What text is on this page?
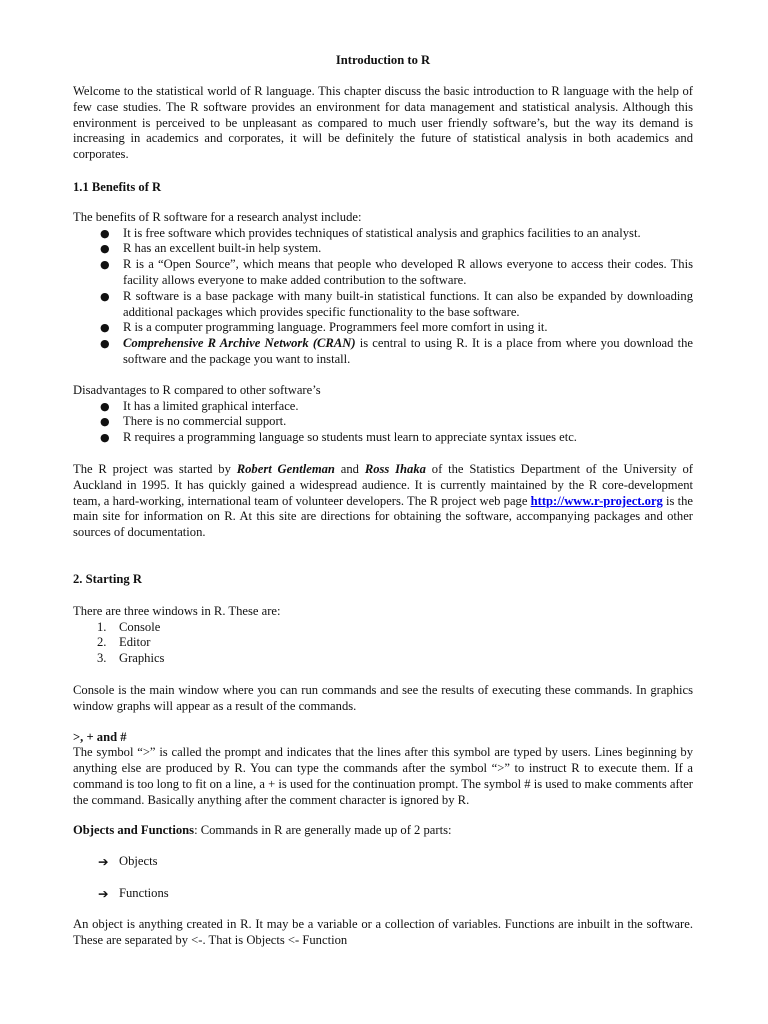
Introduction to R

Welcome to the statistical world of R language. This chapter discuss the basic introduction to R language with the help of few case studies. The R software provides an environment for data management and statistical analysis. Although this environment is perceived to be unpleasant as compared to much user friendly software’s, but the way its demand is increasing in academics and corporates, it will be definitely the future of statistical analysis in both academics and corporates.

1.1 Benefits of R

The benefits of R software for a research analyst include:

● It is free software which provides techniques of statistical analysis and graphics facilities to an analyst.
● R has an excellent built-in help system.
● R is a “Open Source”, which means that people who developed R allows everyone to access their codes. This facility allows everyone to make added contribution to the software.
● R software is a base package with many built-in statistical functions. It can also be expanded by downloading additional packages which provides specific functionality to the base software.
● R is a computer programming language. Programmers feel more comfort in using it.
● Comprehensive R Archive Network (CRAN) is central to using R. It is a place from where you download the software and the package you want to install.

Disadvantages to R compared to other software’s

● It has a limited graphical interface.
● There is no commercial support.
● R requires a programming language so students must learn to appreciate syntax issues etc.

The R project was started by Robert Gentleman and Ross Ihaka of the Statistics Department of the University of Auckland in 1995. It has quickly gained a widespread audience. It is currently maintained by the R core-development team, a hard-working, international team of volunteer developers. The R project web page http://www.r-project.org is the main site for information on R. At this site are directions for obtaining the software, accompanying packages and other sources of documentation.

2. Starting R

There are three windows in R. These are:

1. Console
2. Editor
3. Graphics

Console is the main window where you can run commands and see the results of executing these commands. In graphics window graphs will appear as a result of the commands.

>, + and #

The symbol “>” is called the prompt and indicates that the lines after this symbol are typed by users. Lines beginning by anything else are produced by R. You can type the commands after the symbol “>” to instruct R to execute them. If a command is too long to fit on a line, a + is used for the continuation prompt. The symbol # is used to make comments after the command. Basically anything after the comment character is ignored by R.

Objects and Functions: Commands in R are generally made up of 2 parts:

➔ Objects
➔ Functions

An object is anything created in R. It may be a variable or a collection of variables. Functions are inbuilt in the software. These are separated by <-. That is Objects <- Function
